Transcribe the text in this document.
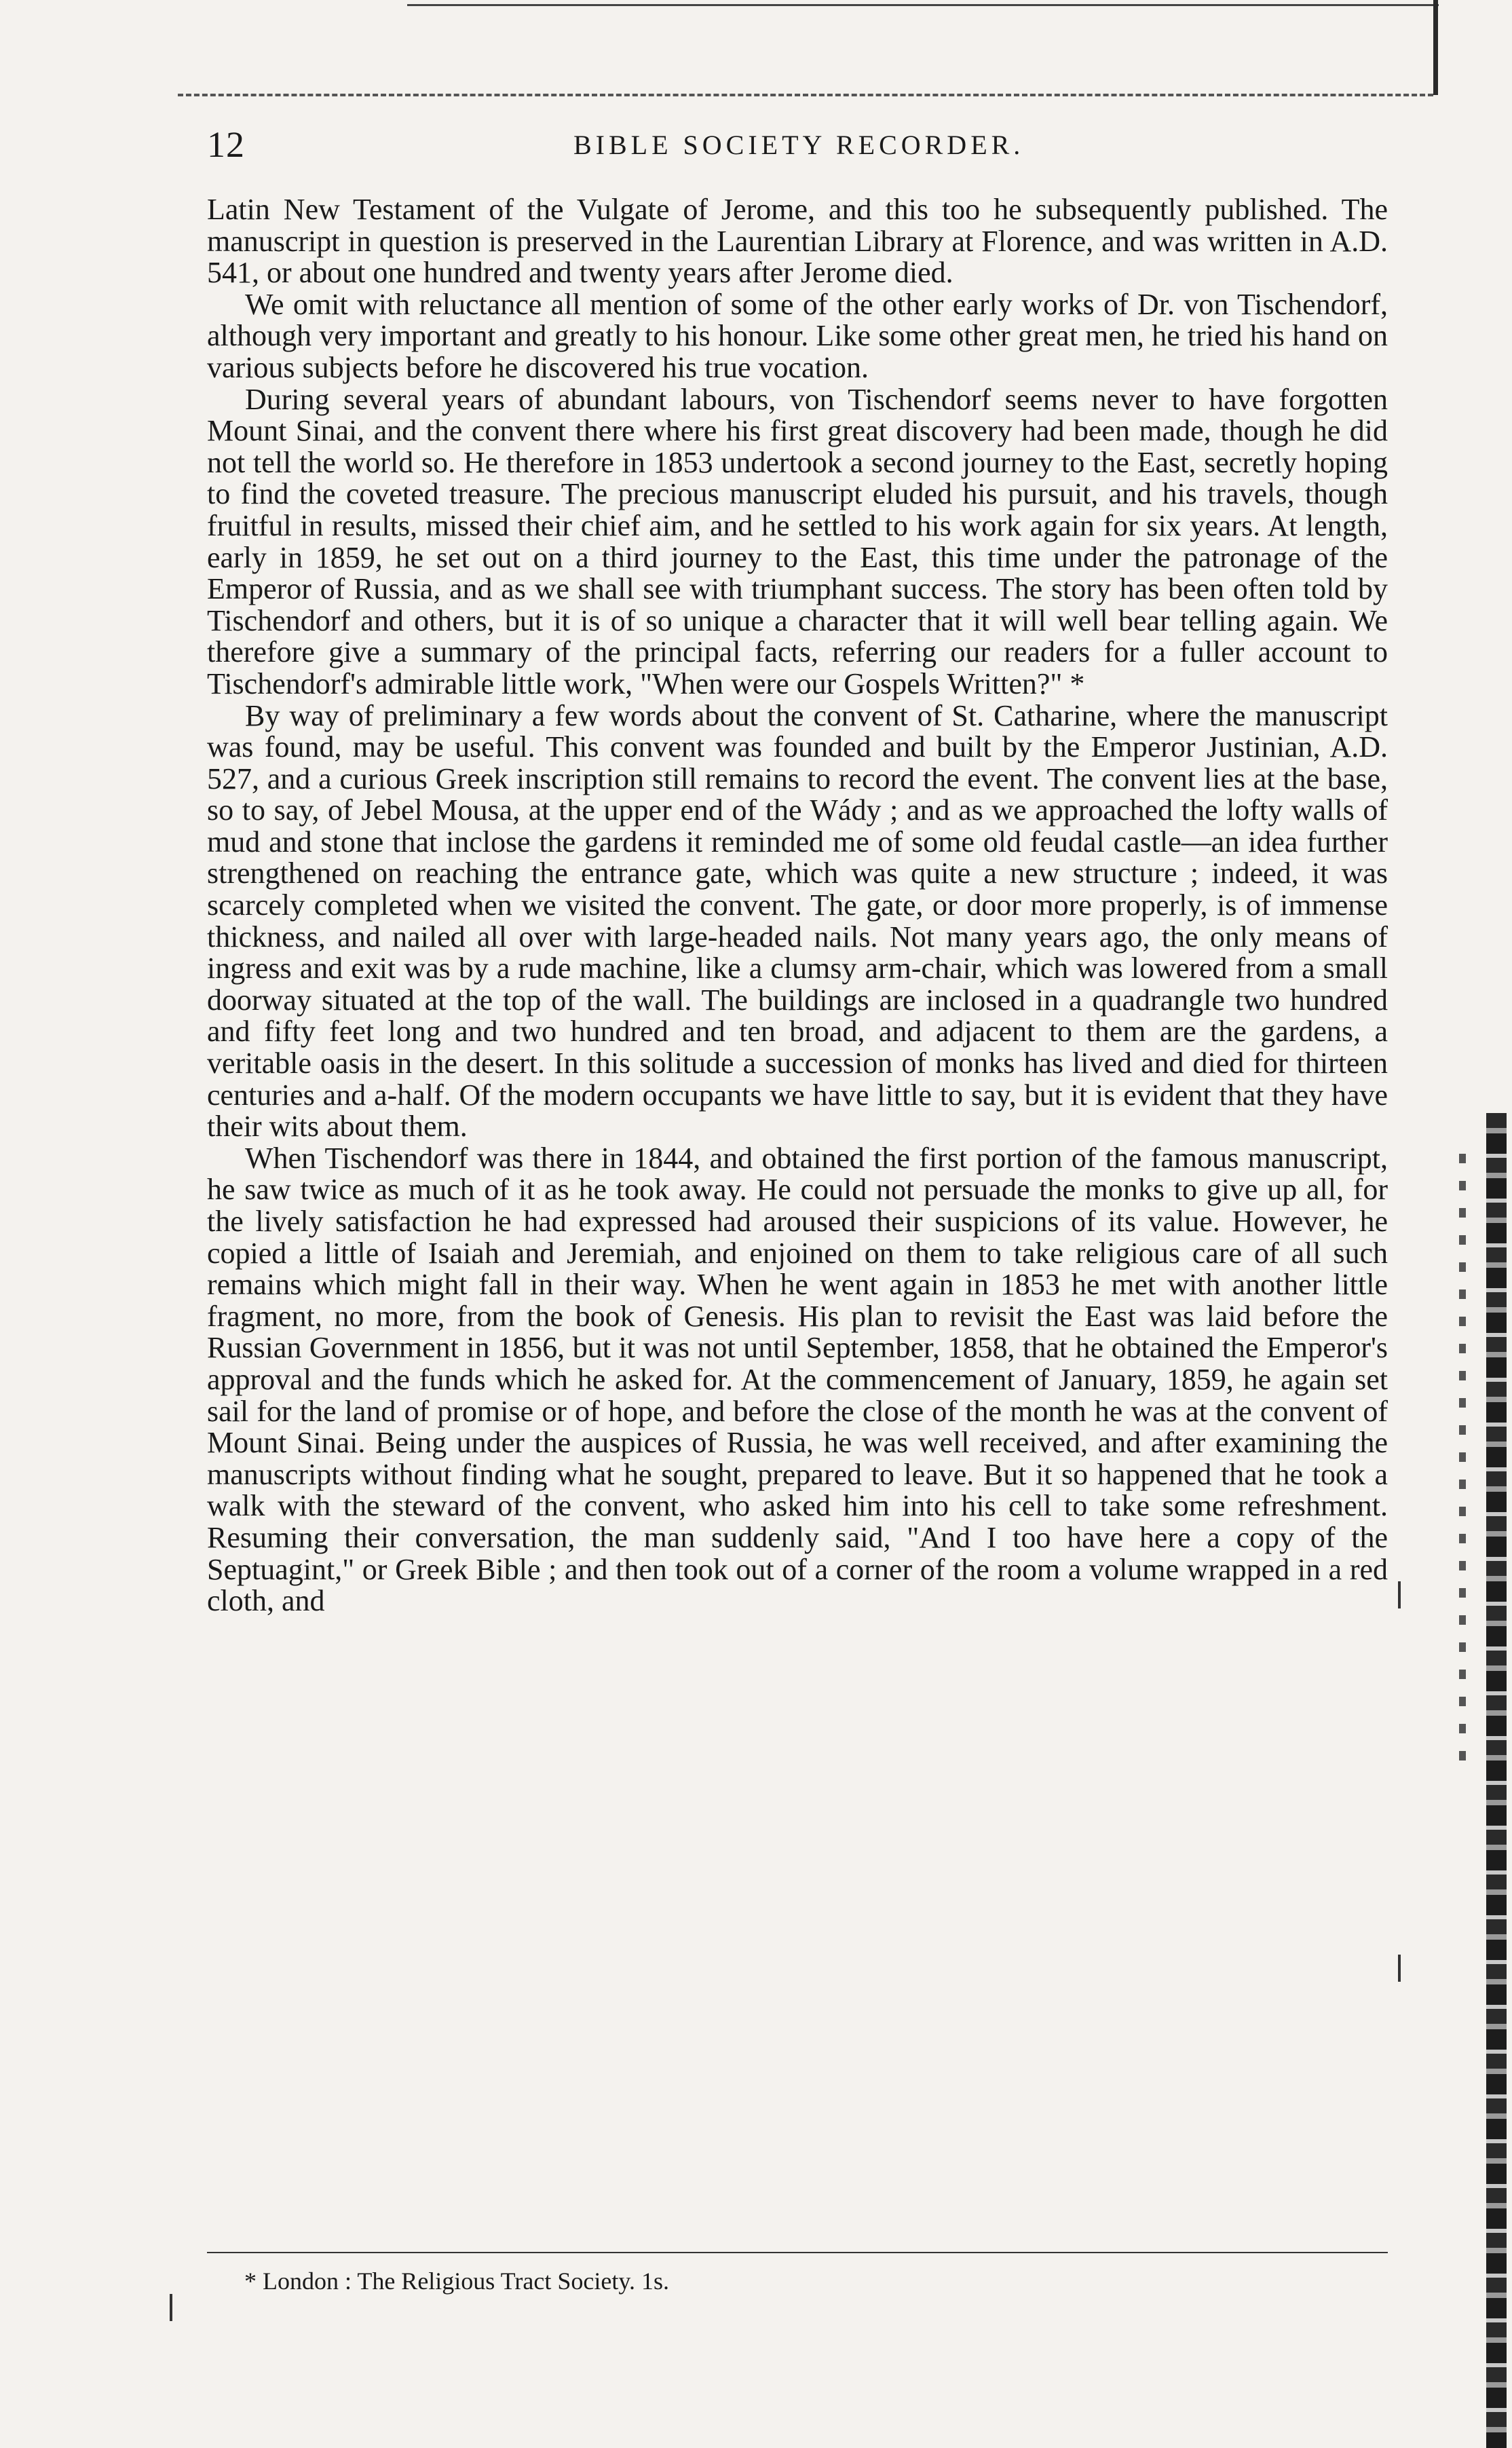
12	BIBLE SOCIETY RECORDER.

Latin New Testament of the Vulgate of Jerome, and this too he subsequently published. The manuscript in question is preserved in the Laurentian Library at Florence, and was written in A.D. 541, or about one hundred and twenty years after Jerome died.

We omit with reluctance all mention of some of the other early works of Dr. von Tischendorf, although very important and greatly to his honour. Like some other great men, he tried his hand on various subjects before he discovered his true vocation.

During several years of abundant labours, von Tischendorf seems never to have forgotten Mount Sinai, and the convent there where his first great discovery had been made, though he did not tell the world so. He therefore in 1853 undertook a second journey to the East, secretly hoping to find the coveted treasure. The precious manuscript eluded his pursuit, and his travels, though fruitful in results, missed their chief aim, and he settled to his work again for six years. At length, early in 1859, he set out on a third journey to the East, this time under the patronage of the Emperor of Russia, and as we shall see with triumphant success. The story has been often told by Tischendorf and others, but it is of so unique a character that it will well bear telling again. We therefore give a summary of the principal facts, referring our readers for a fuller account to Tischendorf's admirable little work, "When were our Gospels Written?" *

By way of preliminary a few words about the convent of St. Catharine, where the manuscript was found, may be useful. This convent was founded and built by the Emperor Justinian, A.D. 527, and a curious Greek inscription still remains to record the event. The convent lies at the base, so to say, of Jebel Mousa, at the upper end of the Wády ; and as we approached the lofty walls of mud and stone that inclose the gardens it reminded me of some old feudal castle—an idea further strengthened on reaching the entrance gate, which was quite a new structure ; indeed, it was scarcely completed when we visited the convent. The gate, or door more properly, is of immense thickness, and nailed all over with large-headed nails. Not many years ago, the only means of ingress and exit was by a rude machine, like a clumsy arm-chair, which was lowered from a small doorway situated at the top of the wall. The buildings are inclosed in a quadrangle two hundred and fifty feet long and two hundred and ten broad, and adjacent to them are the gardens, a veritable oasis in the desert. In this solitude a succession of monks has lived and died for thirteen centuries and a-half. Of the modern occupants we have little to say, but it is evident that they have their wits about them.

When Tischendorf was there in 1844, and obtained the first portion of the famous manuscript, he saw twice as much of it as he took away. He could not persuade the monks to give up all, for the lively satisfaction he had expressed had aroused their suspicions of its value. However, he copied a little of Isaiah and Jeremiah, and enjoined on them to take religious care of all such remains which might fall in their way. When he went again in 1853 he met with another little fragment, no more, from the book of Genesis. His plan to revisit the East was laid before the Russian Government in 1856, but it was not until September, 1858, that he obtained the Emperor's approval and the funds which he asked for. At the commencement of January, 1859, he again set sail for the land of promise or of hope, and before the close of the month he was at the convent of Mount Sinai. Being under the auspices of Russia, he was well received, and after examining the manuscripts without finding what he sought, prepared to leave. But it so happened that he took a walk with the steward of the convent, who asked him into his cell to take some refreshment. Resuming their conversation, the man suddenly said, "And I too have here a copy of the Septuagint," or Greek Bible ; and then took out of a corner of the room a volume wrapped in a red cloth, and

* London : The Religious Tract Society. 1s.
